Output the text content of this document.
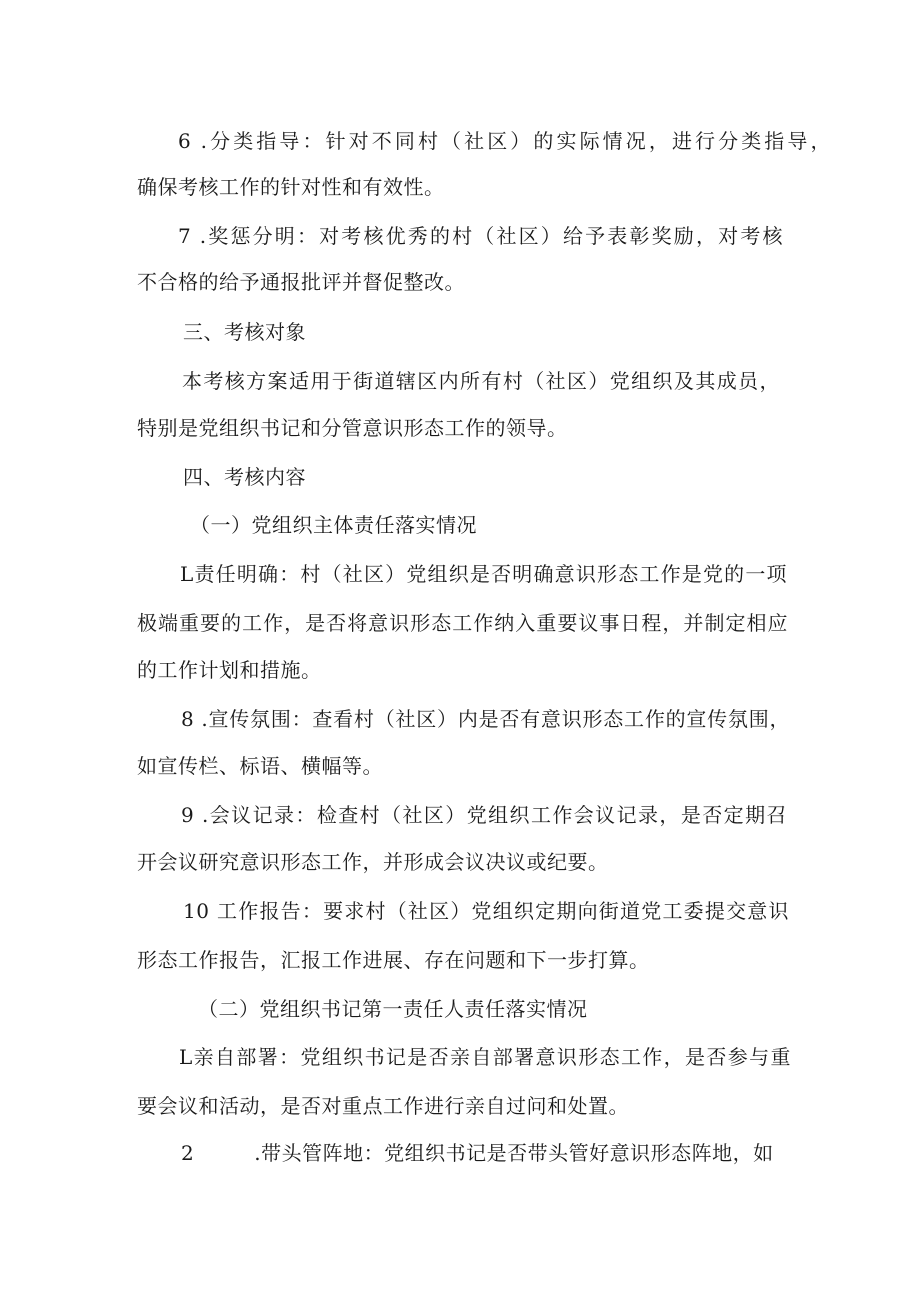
6 .分类指导：针对不同村（社区）的实际情况，进行分类指导，
确保考核工作的针对性和有效性。
7 .奖惩分明：对考核优秀的村（社区）给予表彰奖励，对考核
不合格的给予通报批评并督促整改。
三、考核对象
本考核方案适用于街道辖区内所有村（社区）党组织及其成员，
特别是党组织书记和分管意识形态工作的领导。
四、考核内容
（一）党组织主体责任落实情况
L责任明确：村（社区）党组织是否明确意识形态工作是党的一项
极端重要的工作，是否将意识形态工作纳入重要议事日程，并制定相应
的工作计划和措施。
8 .宣传氛围：查看村（社区）内是否有意识形态工作的宣传氛围，
如宣传栏、标语、横幅等。
9 .会议记录：检查村（社区）党组织工作会议记录，是否定期召
开会议研究意识形态工作，并形成会议决议或纪要。
10 工作报告：要求村（社区）党组织定期向街道党工委提交意识
形态工作报告，汇报工作进展、存在问题和下一步打算。
（二）党组织书记第一责任人责任落实情况
L亲自部署：党组织书记是否亲自部署意识形态工作，是否参与重
要会议和活动，是否对重点工作进行亲自过问和处置。
2	.带头管阵地：党组织书记是否带头管好意识形态阵地，如
